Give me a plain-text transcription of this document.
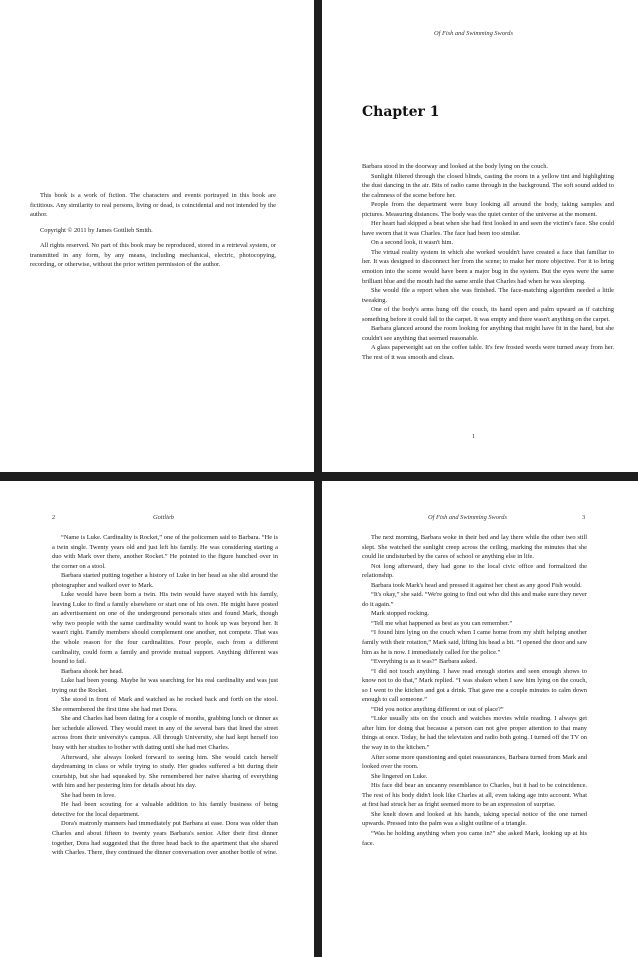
This book is a work of fiction. The characters and events portrayed in this book are fictitious. Any similarity to real persons, living or dead, is coincidental and not intended by the author.

Copyright © 2011 by James Gottlieb Smith.

All rights reserved. No part of this book may be reproduced, stored in a retrieval system, or transmitted in any form, by any means, including mechanical, electric, photocopying, recording, or otherwise, without the prior written permission of the author.

Of Fish and Swimming Swords
Chapter 1

Barbara stood in the doorway and looked at the body lying on the couch.

Sunlight filtered through the closed blinds, casting the room in a yellow tint and highlighting the dust dancing in the air. Bits of radio came through in the background. The soft sound added to the calmness of the scene before her.

People from the department were busy looking all around the body, taking samples and pictures. Measuring distances. The body was the quiet center of the universe at the moment.

Her heart had skipped a beat when she had first looked in and seen the victim's face. She could have sworn that it was Charles. The face had been too similar.

On a second look, it wasn't him.

The virtual reality system in which she worked wouldn't have created a face that familiar to her. It was designed to disconnect her from the scene; to make her more objective. For it to bring emotion into the scene would have been a major bug in the system. But the eyes were the same brilliant blue and the mouth had the same smile that Charles had when he was sleeping.

She would file a report when she was finished. The face-matching algorithm needed a little tweaking.

One of the body's arms hung off the couch, its hand open and palm upward as if catching something before it could fall to the carpet. It was empty and there wasn't anything on the carpet.

Barbara glanced around the room looking for anything that might have fit in the hand, but she couldn't see anything that seemed reasonable.

A glass paperweight sat on the coffee table. It's few frosted words were turned away from her. The rest of it was smooth and clean.

1
2	Gottlieb

“Name is Luke. Cardinality is Rocket,” one of the policemen said to Barbara. “He is a twin single. Twenty years old and just left his family. He was considering starting a duo with Mark over there, another Rocket.” He pointed to the figure hunched over in the corner on a stool.

Barbara started putting together a history of Luke in her head as she slid around the photographer and walked over to Mark.

Luke would have been born a twin. His twin would have stayed with his family, leaving Luke to find a family elsewhere or start one of his own. He might have posted an advertisement on one of the underground personals sites and found Mark, though why two people with the same cardinality would want to hook up was beyond her. It wasn't right. Family members should complement one another, not compete. That was the whole reason for the four cardinalities. Four people, each from a different cardinality, could form a family and provide mutual support. Anything different was bound to fail.

Barbara shook her head.

Luke had been young. Maybe he was searching for his real cardinality and was just trying out the Rocket.

She stood in front of Mark and watched as he rocked back and forth on the stool. She remembered the first time she had met Dora.

She and Charles had been dating for a couple of months, grabbing lunch or dinner as her schedule allowed. They would meet in any of the several bars that lined the street across from their university's campus. All through University, she had kept herself too busy with her studies to bother with dating until she had met Charles.

Afterward, she always looked forward to seeing him. She would catch herself daydreaming in class or while trying to study. Her grades suffered a bit during their courtship, but she had squeaked by. She remembered her naïve sharing of everything with him and her pestering him for details about his day.

She had been in love.

He had been scouting for a valuable addition to his family business of being detective for the local department.

Dora's matronly manners had immediately put Barbara at ease. Dora was older than Charles and about fifteen to twenty years Barbara's senior. After their first dinner together, Dora had suggested that the three head back to the apartment that she shared with Charles. There, they continued the dinner conversation over another bottle of wine.

Of Fish and Swimming Swords	3

The next morning, Barbara woke in their bed and lay there while the other two still slept. She watched the sunlight creep across the ceiling, marking the minutes that she could lie undisturbed by the cares of school or anything else in life.

Not long afterward, they had gone to the local civic office and formalized the relationship.

Barbara took Mark's head and pressed it against her chest as any good Fish would.

“It's okay,” she said. “We're going to find out who did this and make sure they never do it again.”

Mark stopped rocking.

“Tell me what happened as best as you can remember.”

“I found him lying on the couch when I came home from my shift helping another family with their rotation,” Mark said, lifting his head a bit. “I opened the door and saw him as he is now. I immediately called for the police.”

“Everything is as it was?” Barbara asked.

“I did not touch anything. I have read enough stories and seen enough shows to know not to do that,” Mark replied. “I was shaken when I saw him lying on the couch, so I went to the kitchen and got a drink. That gave me a couple minutes to calm down enough to call someone.”

“Did you notice anything different or out of place?”

“Luke usually sits on the couch and watches movies while reading. I always get after him for doing that because a person can not give proper attention to that many things at once. Today, he had the television and radio both going. I turned off the TV on the way in to the kitchen.”

After some more questioning and quiet reassurances, Barbara turned from Mark and looked over the room.

She lingered on Luke.

His face did bear an uncanny resemblance to Charles, but it had to be coincidence. The rest of his body didn't look like Charles at all, even taking age into account. What at first had struck her as fright seemed more to be an expression of surprise.

She knelt down and looked at his hands, taking special notice of the one turned upwards. Pressed into the palm was a slight outline of a triangle.

“Was he holding anything when you came in?” she asked Mark, looking up at his face.
